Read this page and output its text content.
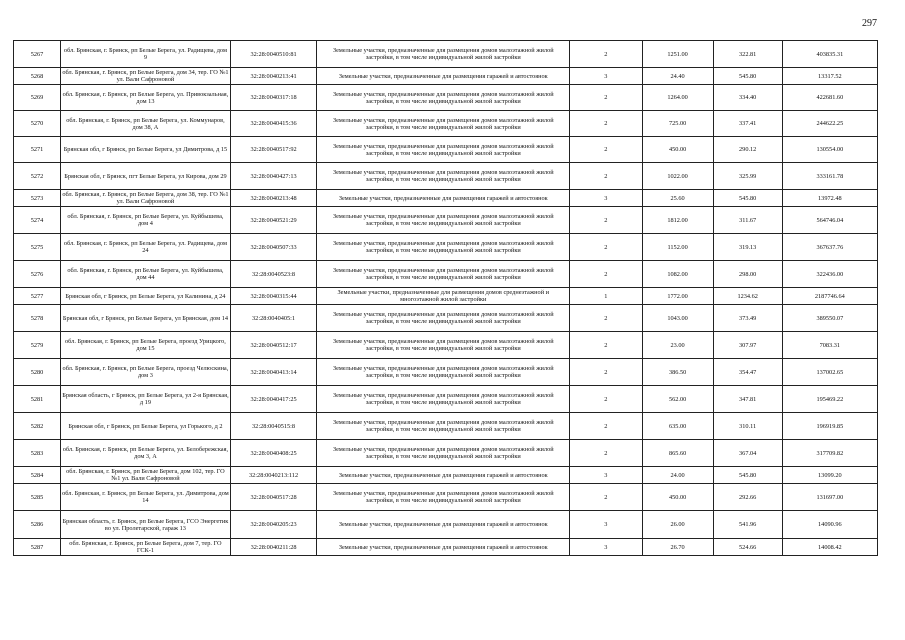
297
5267	обл. Брянская, г. Брянск, рп Белые Берега, ул. Радищева, дом 9	32:28:0040510:81	Земельные участки, предназначенные для размещения домов малоэтажной жилой застройки, в том числе индивидуальной жилой застройки	2	1251.00	322.81	403835.31
5268	обл. Брянская, г. Брянск, рп Белые Берега, дом 34, тер. ГО №1 ул. Вали Сафроновой	32:28:0040213:41	Земельные участки, предназначенные для размещения гаражей и автостоянок	3	24.40	545.80	13317.52
5269	обл. Брянская, г. Брянск, рп Белые Берега, ул. Привокзальная, дом 13	32:28:0040317:18	Земельные участки, предназначенные для размещения домов малоэтажной жилой застройки, в том числе индивидуальной жилой застройки	2	1264.00	334.40	422681.60
5270	обл. Брянская, г. Брянск, рп Белые Берега, ул. Коммунаров, дом 38, А	32:28:0040415:36	Земельные участки, предназначенные для размещения домов малоэтажной жилой застройки, в том числе индивидуальной жилой застройки	2	725.00	337.41	244622.25
5271	Брянская обл, г Брянск, рп Белые Берега, ул Димитрова, д 15	32:28:0040517:92	Земельные участки, предназначенные для размещения домов малоэтажной жилой застройки, в том числе индивидуальной жилой застройки	2	450.00	290.12	130554.00
5272	Брянская обл, г Брянск, пгт Белые Берега, ул Кирова, дом 29	32:28:0040427:13	Земельные участки, предназначенные для размещения домов малоэтажной жилой застройки, в том числе индивидуальной жилой застройки	2	1022.00	325.99	333161.78
5273	обл. Брянская, г. Брянск, рп Белые Берега, дом 38, тер. ГО №1 ул. Вали Сафроновой	32:28:0040213:48	Земельные участки, предназначенные для размещения гаражей и автостоянок	3	25.60	545.80	13972.48
5274	обл. Брянская, г. Брянск, рп Белые Берега, ул. Куйбышева, дом 4	32:28:0040521:29	Земельные участки, предназначенные для размещения домов малоэтажной жилой застройки, в том числе индивидуальной жилой застройки	2	1812.00	311.67	564746.04
5275	обл. Брянская, г. Брянск, рп Белые Берега, ул. Радищева, дом 24	32:28:0040507:33	Земельные участки, предназначенные для размещения домов малоэтажной жилой застройки, в том числе индивидуальной жилой застройки	2	1152.00	319.13	367637.76
5276	обл. Брянская, г. Брянск, рп Белые Берега, ул. Куйбышева, дом 44	32:28:0040523:8	Земельные участки, предназначенные для размещения домов малоэтажной жилой застройки, в том числе индивидуальной жилой застройки	2	1082.00	298.00	322436.00
5277	Брянская обл, г Брянск, рп Белые Берега, ул Калинина, д 24	32:28:0040315:44	Земельные участки, предназначенные для размещения домов среднеэтажной и многоэтажной жилой застройки	1	1772.00	1234.62	2187746.64
5278	Брянская обл, г Брянск, рп Белые Берега, ул Брянская, дом 14	32:28:0040405:1	Земельные участки, предназначенные для размещения домов малоэтажной жилой застройки, в том числе индивидуальной жилой застройки	2	1043.00	373.49	389550.07
5279	обл. Брянская, г. Брянск, рп Белые Берега, проезд Урицкого, дом 15	32:28:0040512:17	Земельные участки, предназначенные для размещения домов малоэтажной жилой застройки, в том числе индивидуальной жилой застройки	2	23.00	307.97	7083.31
5280	обл. Брянская, г. Брянск, рп Белые Берега, проезд Челюскина, дом 3	32:28:0040413:14	Земельные участки, предназначенные для размещения домов малоэтажной жилой застройки, в том числе индивидуальной жилой застройки	2	386.50	354.47	137002.65
5281	Брянская область, г Брянск, рп Белые Берега, ул 2-я Брянская, д 19	32:28:0040417:25	Земельные участки, предназначенные для размещения домов малоэтажной жилой застройки, в том числе индивидуальной жилой застройки	2	562.00	347.81	195469.22
5282	Брянская обл, г Брянск, рп Белые Берега, ул Горького, д 2	32:28:0040515:8	Земельные участки, предназначенные для размещения домов малоэтажной жилой застройки, в том числе индивидуальной жилой застройки	2	635.00	310.11	196919.85
5283	обл. Брянская, г. Брянск, рп Белые Берега, ул. Белобережская, дом 3, А	32:28:0040408:25	Земельные участки, предназначенные для размещения домов малоэтажной жилой застройки, в том числе индивидуальной жилой застройки	2	865.60	367.04	317709.82
5284	обл. Брянская, г. Брянск, рп Белые Берега, дом 102, тер. ГО №1 ул. Вали Сафроновой	32:28:0040213:112	Земельные участки, предназначенные для размещения гаражей и автостоянок	3	24.00	545.80	13099.20
5285	обл. Брянская, г. Брянск, рп Белые Берега, ул. Димитрова, дом 14	32:28:0040517:28	Земельные участки, предназначенные для размещения домов малоэтажной жилой застройки, в том числе индивидуальной жилой застройки	2	450.00	292.66	131697.00
5286	Брянская область, г. Брянск, рп Белые Берега, ГСО Энергетик во ул. Пролетарской, гараж 13	32:28:0040205:23	Земельные участки, предназначенные для размещения гаражей и автостоянок	3	26.00	541.96	14090.96
5287	обл. Брянская, г. Брянск, рп Белые Берега, дом 7, тер. ГО ГСК-1	32:28:0040211:28	Земельные участки, предназначенные для размещения гаражей и автостоянок	3	26.70	524.66	14008.42
